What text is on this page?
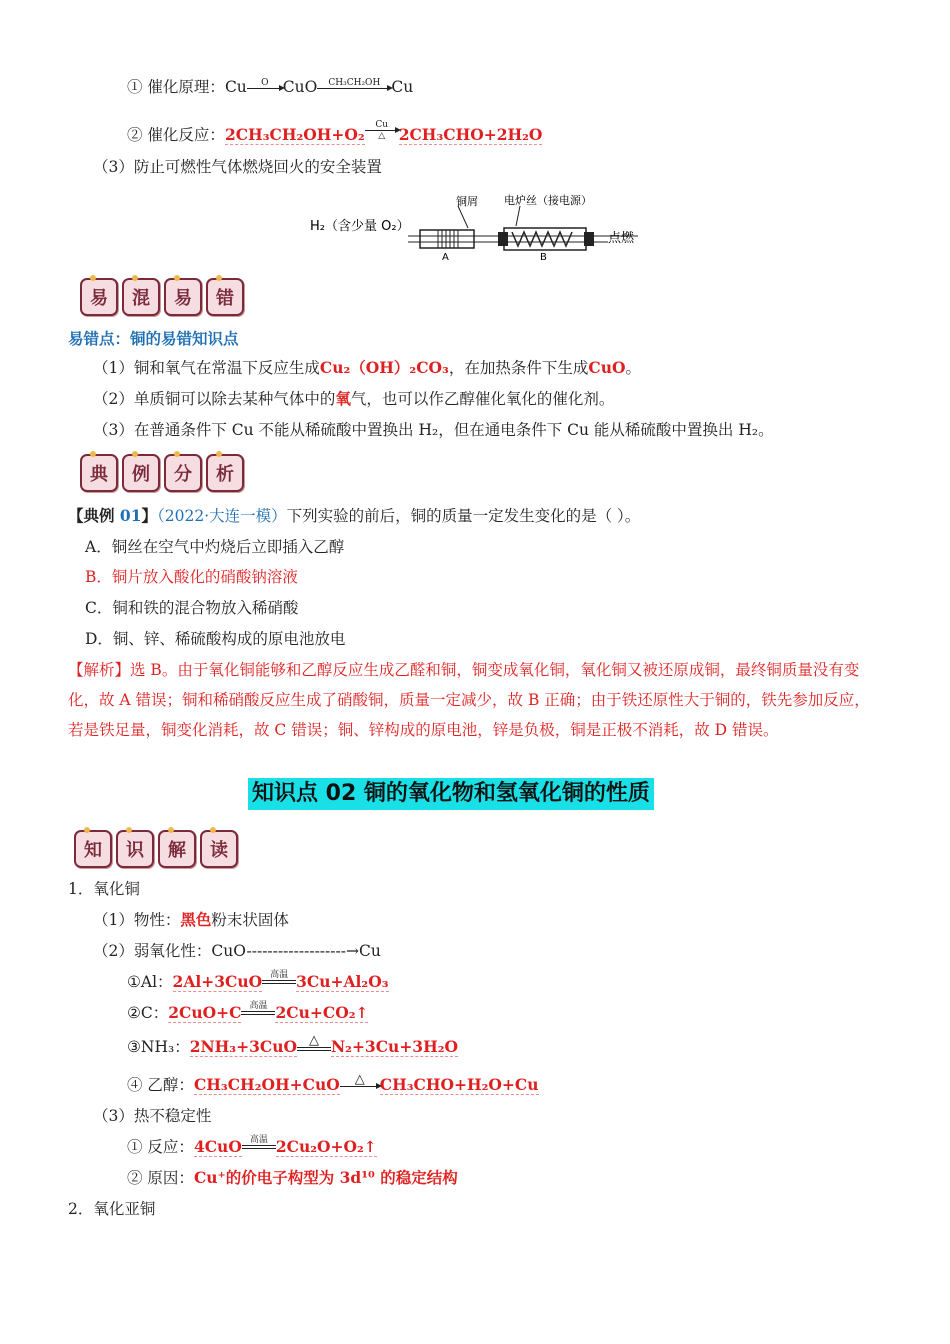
① 催化原理：Cu	O
CuO	CH₃CH₂OH
Cu
② 催化反应：2CH₃CH₂OH+O₂
Cu
△ 2CH₃CHO+2H₂O
（3）防止可燃性气体燃烧回火的安全装置
H₂（含少量 O₂）
铜屑 电炉丝（接电源）
点燃
A	B
易	混	易	错
易错点：铜的易错知识点
（1）铜和氧气在常温下反应生成Cu₂（OH）₂CO₃，在加热条件下生成CuO。
（2）单质铜可以除去某种气体中的氧气，也可以作乙醇催化氧化的催化剂。
（3）在普通条件下 Cu 不能从稀硫酸中置换出 H₂，但在通电条件下 Cu 能从稀硫酸中置换出 H₂。
典	例	分	析
【典例 01】（2022·大连一模）下列实验的前后，铜的质量一定发生变化的是（ ）。
A．铜丝在空气中灼烧后立即插入乙醇
B．铜片放入酸化的硝酸钠溶液
C．铜和铁的混合物放入稀硝酸
D．铜、锌、稀硫酸构成的原电池放电
【解析】选 B。由于氧化铜能够和乙醇反应生成乙醛和铜，铜变成氧化铜，氧化铜又被还原成铜，最终铜质量没有变化，故 A 错误；铜和稀硝酸反应生成了硝酸铜，质量一定减少，故 B 正确；由于铁还原性大于铜的，铁先参加反应，若是铁足量，铜变化消耗，故 C 错误；铜、锌构成的原电池，锌是负极，铜是正极不消耗，故 D 错误。
知识点 02 铜的氧化物和氢氧化铜的性质
知	识	解	读
1．氧化铜
（1）物性：黑色粉末状固体
（2）弱氧化性：CuO-------------------→Cu
①Al：2Al+3CuO 高温 3Cu+Al₂O₃
②C：2CuO+C 高温 2Cu+CO₂↑
③NH₃：2NH₃+3CuO △ N₂+3Cu+3H₂O
④ 乙醇：CH₃CH₂OH+CuO	△ CH₃CHO+H₂O+Cu
（3）热不稳定性
① 反应：4CuO 高温 2Cu₂O+O₂↑
② 原因：Cu⁺的价电子构型为 3d¹⁰ 的稳定结构
2．氧化亚铜
